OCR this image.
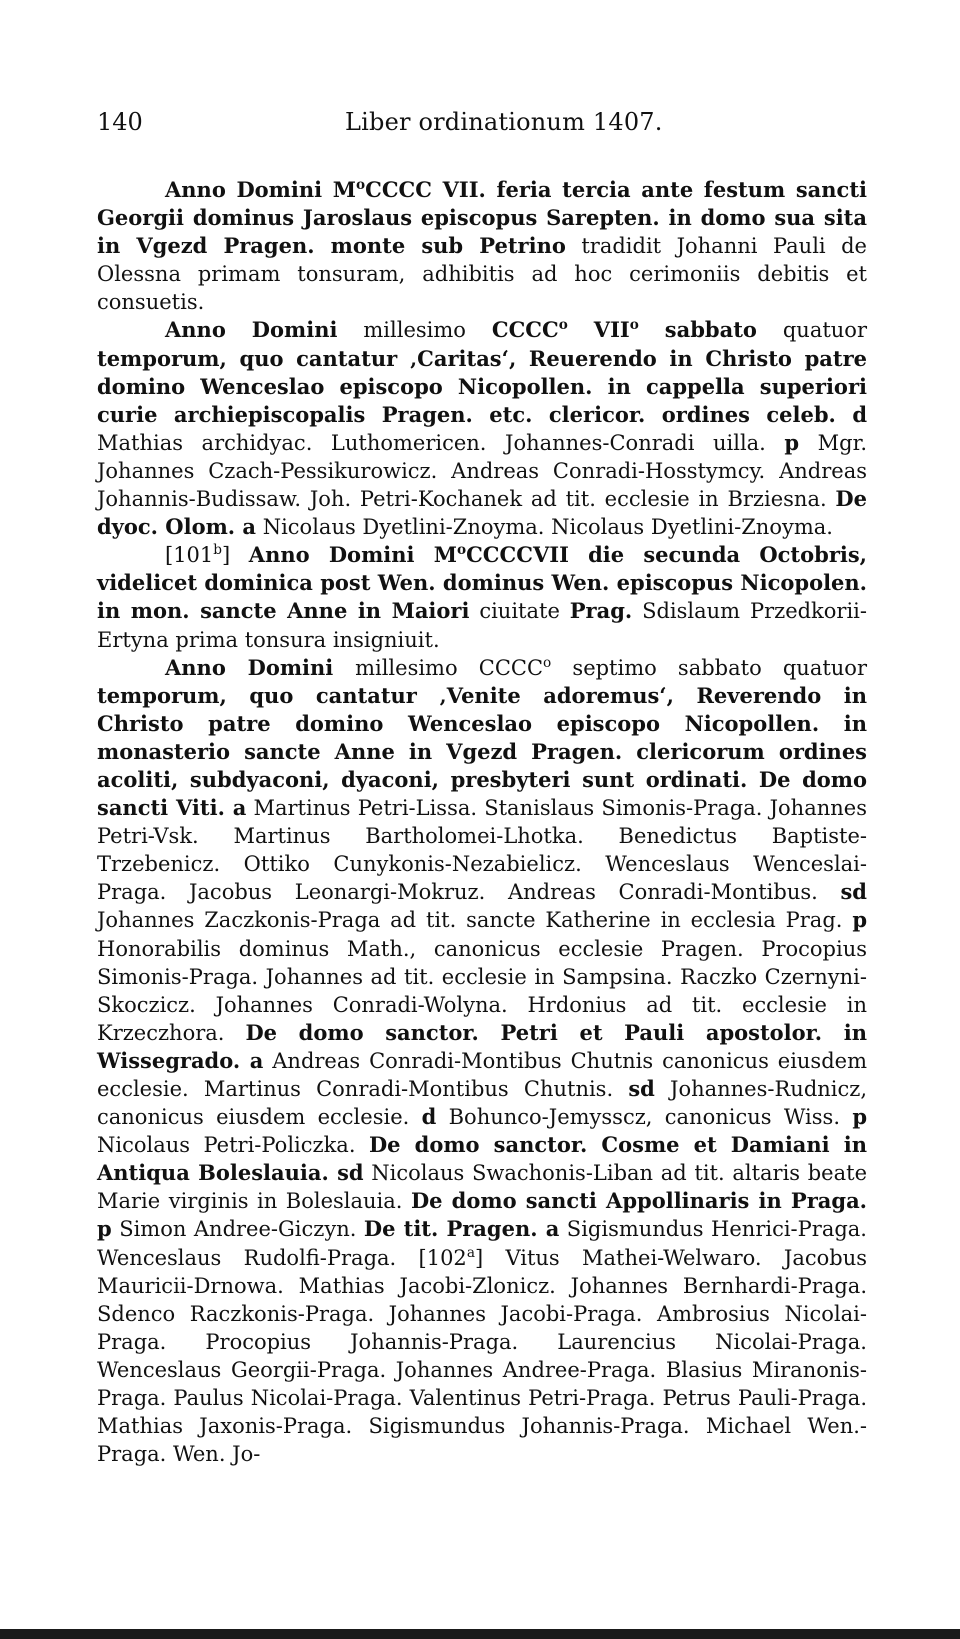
140	Liber ordinationum 1407.

Anno Domini $M^oCCCC$ VII. feria tercia ante festum sancti Georgii dominus Jaroslaus episcopus Sarepten. in domo sua sita in Vgezd Pragen. monte sub Petrino tradidit Johanni Pauli de Olessna primam tonsuram, adhibitis ad hoc cerimoniis debitis et consuetis.

Anno Domini millesimo CCCC$^o$ VII$^o$ sabbato quatuor temporum, quo cantatur ‚Caritas‘, Reuerendo in Christo patre domino Wenceslao episcopo Nicopollen. in cappella superiori curie archiepiscopalis Pragen. etc. clericor. ordines celeb. d Mathias archidyac. Luthomericen. Johannes-Conradi uilla. p Mgr. Johannes Czach-Pessikurowicz. Andreas Conradi-Hosstymcy. Andreas Johannis-Budissaw. Joh. Petri-Kochanek ad tit. ecclesie in Brziesna. De dyoc. Olom. a Nicolaus Dyetlini-Znoyma. Nicolaus Dyetlini-Znoyma.

[101$^b$] Anno Domini $M^oCCCCVII$ die secunda Octobris, videlicet dominica post Wen. dominus Wen. episcopus Nicopolen. in mon. sancte Anne in Maiori ciuitate Prag. Sdislaum Przedkorii-Ertyna prima tonsura insigniuit.

Anno Domini millesimo CCCC$^o$ septimo sabbato quatuor temporum, quo cantatur ‚Venite adoremus‘, Reverendo in Christo patre domino Wenceslao episcopo Nicopollen. in monasterio sancte Anne in Vgezd Pragen. clericorum ordines acoliti, subdyaconi, dyaconi, presbyteri sunt ordinati. De domo sancti Viti. a Martinus Petri-Lissa. Stanislaus Simonis-Praga. Johannes Petri-Vsk. Martinus Bartholomei-Lhotka. Benedictus Baptiste-Trzebenicz. Ottiko Cunykonis-Nezabielicz. Wenceslaus Wenceslai-Praga. Jacobus Leonargi-Mokruz. Andreas Conradi-Montibus. sd Johannes Zaczkonis-Praga ad tit. sancte Katherine in ecclesia Prag. p Honorabilis dominus Math., canonicus ecclesie Pragen. Procopius Simonis-Praga. Johannes ad tit. ecclesie in Sampsina. Raczko Czernyni-Skoczicz. Johannes Conradi-Wolyna. Hrdonius ad tit. ecclesie in Krzeczhora. De domo sanctor. Petri et Pauli apostolor. in Wissegrado. a Andreas Conradi-Montibus Chutnis canonicus eiusdem ecclesie. Martinus Conradi-Montibus Chutnis. sd Johannes-Rudnicz, canonicus eiusdem ecclesie. d Bohunco-Jemysscz, canonicus Wiss. p Nicolaus Petri-Policzka. De domo sanctor. Cosme et Damiani in Antiqua Boleslauia. sd Nicolaus Swachonis-Liban ad tit. altaris beate Marie virginis in Boleslauia. De domo sancti Appollinaris in Praga. p Simon Andree-Giczyn. De tit. Pragen. a Sigismundus Henrici-Praga. Wenceslaus Rudolfi-Praga. [102$^a$] Vitus Mathei-Welwaro. Jacobus Mauricii-Drnowa. Mathias Jacobi-Zlonicz. Johannes Bernhardi-Praga. Sdenco Raczkonis-Praga. Johannes Jacobi-Praga. Ambrosius Nicolai-Praga. Procopius Johannis-Praga. Laurencius Nicolai-Praga. Wenceslaus Georgii-Praga. Johannes Andree-Praga. Blasius Miranonis-Praga. Paulus Nicolai-Praga. Valentinus Petri-Praga. Petrus Pauli-Praga. Mathias Jaxonis-Praga. Sigismundus Johannis-Praga. Michael Wen.-Praga. Wen. Jo-
